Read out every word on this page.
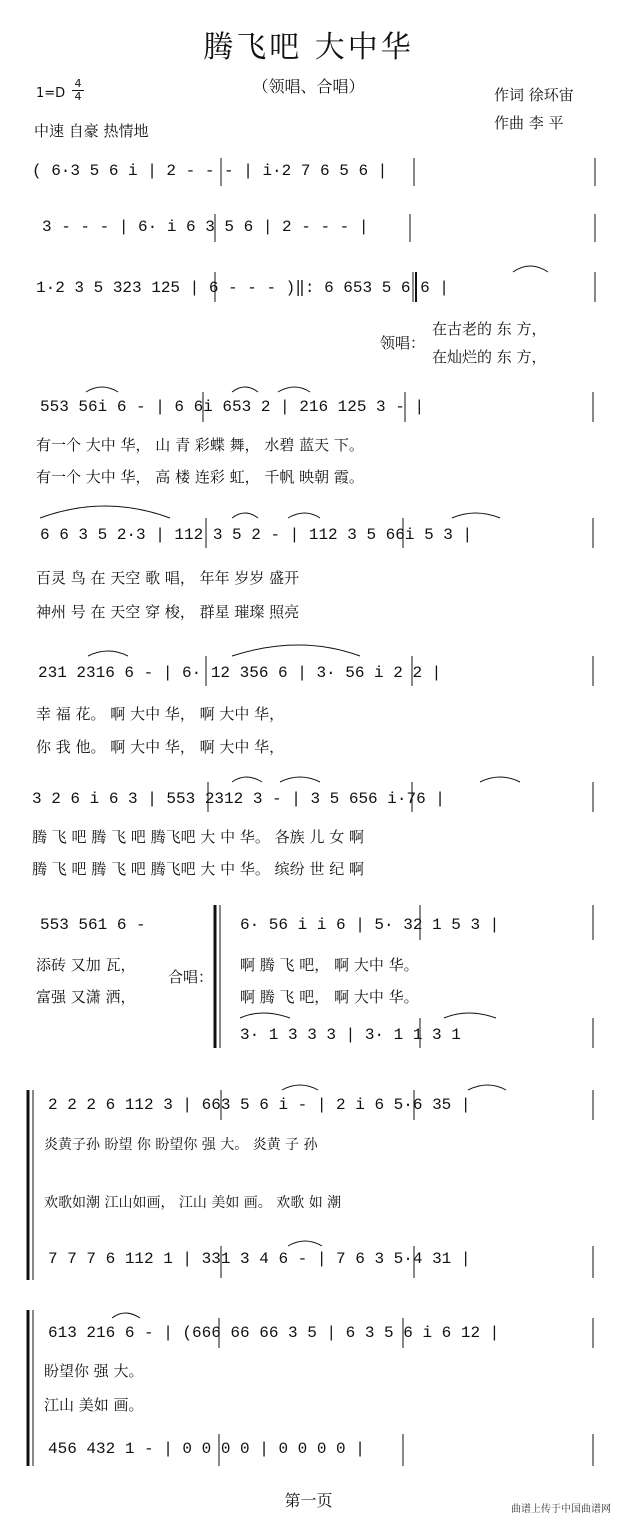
腾飞吧 大中华
（领唱、合唱）
1=D
4
4
中速 自豪 热情地
作词 徐环宙
作曲 李 平
( 6·3 5 6 i | 2 - - - | i·2 7 6 5 6 |
3 - - - | 6· i 6 3 5 6 | 2 - - - |
1·2 3 5 323 125 | 6 - - - )‖: 6 653 5 6 6 |
领唱：
在古老的 东 方，
在灿烂的 东 方，
553 56i 6 - | 6 6i 653 2 | 216 125 3 - |
有一个 大中 华， 山 青 彩蝶 舞， 水碧 蓝天 下。
有一个 大中 华， 高 楼 连彩 虹， 千帆 映朝 霞。
6 6 3 5 2·3 | 112 3 5 2 - | 112 3 5 66i 5 3 |
百灵 鸟 在 天空 歌 唱， 年年 岁岁 盛开
神州 号 在 天空 穿 梭， 群星 璀璨 照亮
231 2316 6 - | 6· 12 356 6 | 3· 56 i 2 2 |
幸 福 花。 啊 大中 华， 啊 大中 华，
你 我 他。 啊 大中 华， 啊 大中 华，
3 2 6 i 6 3 | 553 2312 3 - | 3 5 656 i·76 |
腾 飞 吧 腾 飞 吧 腾飞吧 大 中 华。 各族 儿 女 啊
腾 飞 吧 腾 飞 吧 腾飞吧 大 中 华。 缤纷 世 纪 啊
553 561 6 -	6· 56 i i 6 | 5· 32 1 5 3 |
添砖 又加 瓦，
富强 又潇 洒，
合唱：
啊 腾 飞 吧， 啊 大中 华。
啊 腾 飞 吧， 啊 大中 华。
3· 1 3 3 3 | 3· 1 1 3 1
2 2 2 6 112 3 | 663 5 6 i - | 2 i 6 5·6 35 |
炎黄子孙 盼望 你 盼望你 强 大。 炎黄 子 孙
欢歌如潮 江山如画， 江山 美如 画。 欢歌 如 潮
7 7 7 6 112 1 | 331 3 4 6 - | 7 6 3 5·4 31 |
613 216 6 - | (666 66 66 3 5 | 6 3 5 6 i 6 12 |
盼望你 强 大。
江山 美如 画。
456 432 1 - | 0 0 0 0 | 0 0 0 0 |
第一页	曲谱上传于中国曲谱网
